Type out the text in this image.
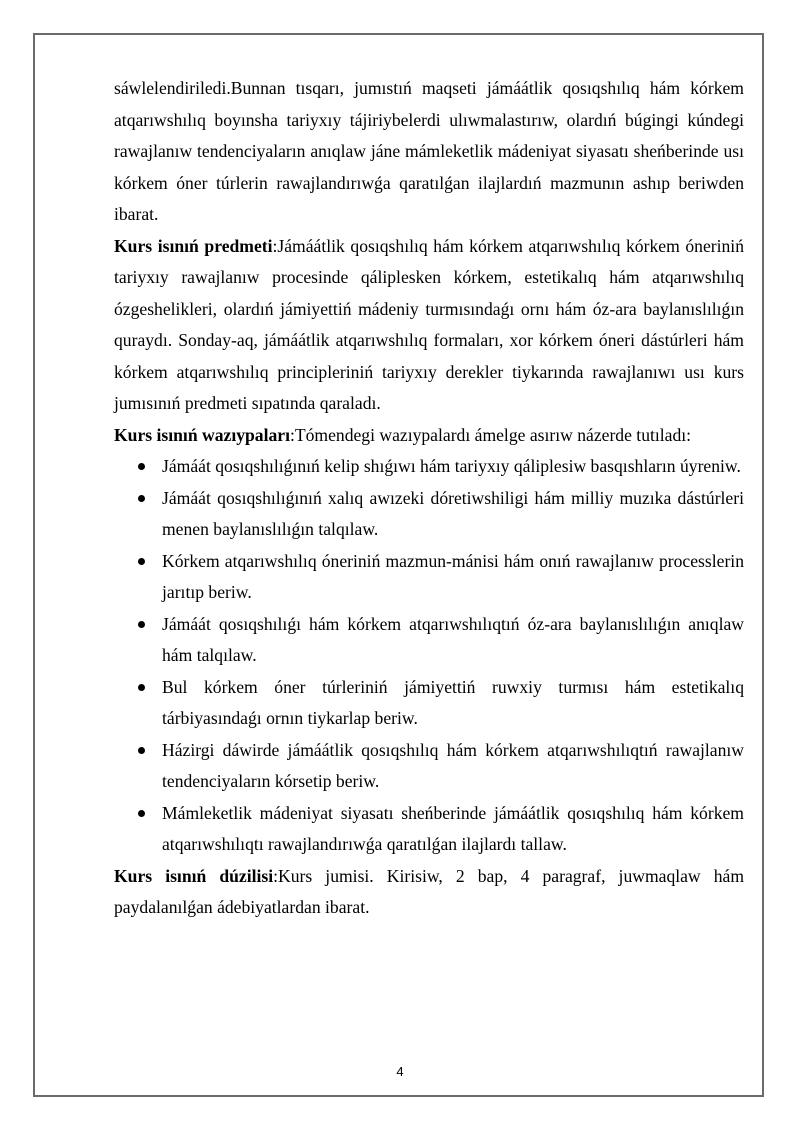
sáwlelendiriledi.Bunnan tısqarı, jumıstıń maqseti jámáátlik qosıqshılıq hám kórkem atqarıwshılıq boyınsha tariyxıy tájiriybelerdi ulıwmalastırıw, olardıń búgingi kúndegi rawajlanıw tendenciyaların anıqlaw jáne mámleketlik mádeniyat siyasatı sheńberinde usı kórkem óner túrlerin rawajlandırıwǵa qaratılǵan ilajlardıń mazmunın ashıp beriwden ibarat.

Kurs isınıń predmeti:Jámáátlik qosıqshılıq hám kórkem atqarıwshılıq kórkem óneriniń tariyxıy rawajlanıw procesinde qáliplesken kórkem, estetikalıq hám atqarıwshılıq ózgeshelikleri, olardıń jámiyettiń mádeniy turmısındaǵı ornı hám óz-ara baylanıslılıǵın quraydı. Sonday-aq, jámáátlik atqarıwshılıq formaları, xor kórkem óneri dástúrleri hám kórkem atqarıwshılıq principleriniń tariyxıy derekler tiykarında rawajlanıwı usı kurs jumısınıń predmeti sıpatında qaraladı.

Kurs isınıń wazıypaları:Tómendegi wazıypalardı ámelge asırıw názerde tutıladı:

Jámáát qosıqshılıǵınıń kelip shıǵıwı hám tariyxıy qáliplesiw basqıshların úyreniw.
Jámáát qosıqshılıǵınıń xalıq awızeki dóretiwshiligi hám milliy muzıka dástúrleri menen baylanıslılıǵın talqılaw.
Kórkem atqarıwshılıq óneriniń mazmun-mánisi hám onıń rawajlanıw processlerin jarıtıp beriw.
Jámáát qosıqshılıǵı hám kórkem atqarıwshılıqtıń óz-ara baylanıslılıǵın anıqlaw hám talqılaw.
Bul kórkem óner túrleriniń jámiyettiń ruwxiy turmısı hám estetikalıq tárbiyasındaǵı ornın tiykarlap beriw.
Házirgi dáwirde jámáátlik qosıqshılıq hám kórkem atqarıwshılıqtıń rawajlanıw tendenciyaların kórsetip beriw.
Mámleketlik mádeniyat siyasatı sheńberinde jámáátlik qosıqshılıq hám kórkem atqarıwshılıqtı rawajlandırıwǵa qaratılǵan ilajlardı tallaw.

Kurs isınıń dúzilisi:Kurs jumisi. Kirisiw, 2 bap, 4 paragraf, juwmaqlaw hám paydalanılǵan ádebiyatlardan ibarat.

4
